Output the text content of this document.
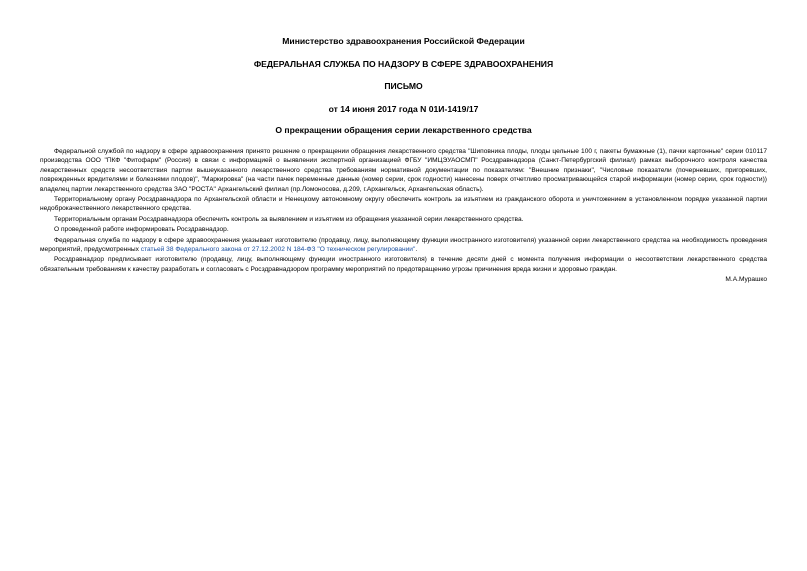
Министерство здравоохранения Российской Федерации

ФЕДЕРАЛЬНАЯ СЛУЖБА ПО НАДЗОРУ В СФЕРЕ ЗДРАВООХРАНЕНИЯ

ПИСЬМО

от 14 июня 2017 года N 01И-1419/17

О прекращении обращения серии лекарственного средства

Федеральной службой по надзору в сфере здравоохранения принято решение о прекращении обращения лекарственного средства "Шиповника плоды, плоды цельные 100 г, пакеты бумажные (1), пачки картонные" серии 010117 производства ООО "ПКФ "Фитофарм" (Россия) в связи с информацией о выявлении экспертной организацией ФГБУ "ИМЦЭУАОСМП" Росздравнадзора (Санкт-Петербургский филиал) рамках выборочного контроля качества лекарственных средств несоответствия партии вышеуказанного лекарственного средства требованиям нормативной документации по показателям: "Внешние признаки", "Числовые показатели (почерневших, пригоревших, поврежденных вредителями и болезнями плодов)", "Маркировка" (на части пачек переменные данные (номер серии, срок годности) нанесены поверх отчетливо просматривающейся старой информации (номер серии, срок годности)) владелец партии лекарственного средства ЗАО "РОСТА" Архангельский филиал (пр.Ломоносова, д.209, г.Архангельск, Архангельская область).

Территориальному органу Росздравнадзора по Архангельской области и Ненецкому автономному округу обеспечить контроль за изъятием из гражданского оборота и уничтожением в установленном порядке указанной партии недоброкачественного лекарственного средства.

Территориальным органам Росздравнадзора обеспечить контроль за выявлением и изъятием из обращения указанной серии лекарственного средства.

О проведенной работе информировать Росздравнадзор.

Федеральная служба по надзору в сфере здравоохранения указывает изготовителю (продавцу, лицу, выполняющему функции иностранного изготовителя) указанной серии лекарственного средства на необходимость проведения мероприятий, предусмотренных статьей 38 Федерального закона от 27.12.2002 N 184-ФЗ "О техническом регулировании".

Росздравнадзор предписывает изготовителю (продавцу, лицу, выполняющему функции иностранного изготовителя) в течение десяти дней с момента получения информации о несоответствии лекарственного средства обязательным требованиям к качеству разработать и согласовать с Росздравнадзором программу мероприятий по предотвращению угрозы причинения вреда жизни и здоровью граждан.

М.А.Мурашко
